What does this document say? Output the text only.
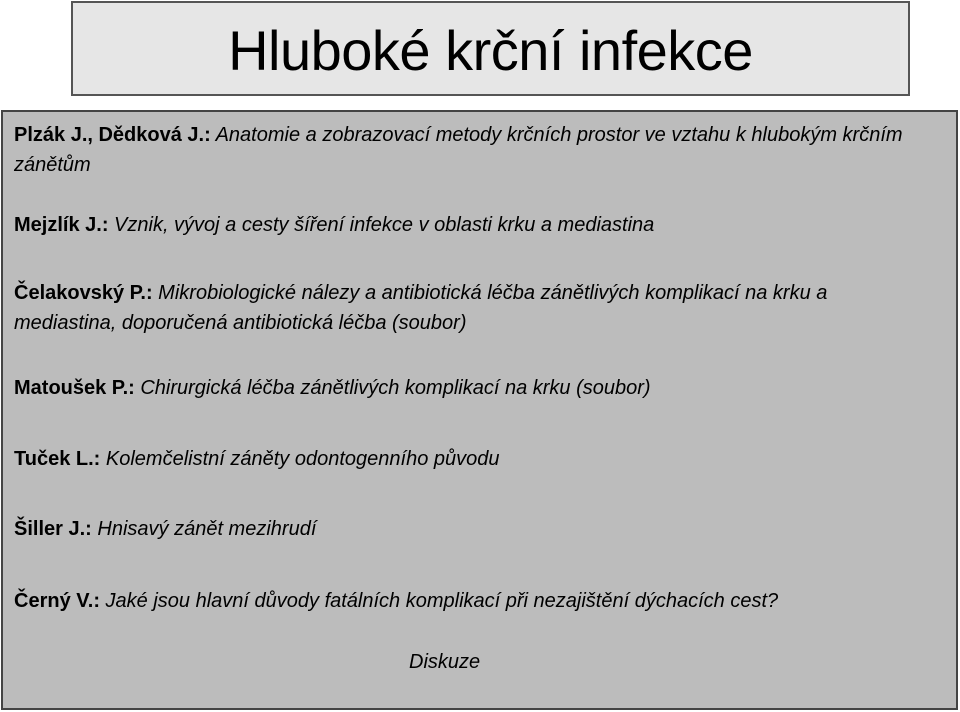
Hluboké krční infekce
Plzák J., Dědková J.: Anatomie a zobrazovací metody krčních prostor ve vztahu k hlubokým krčním zánětům
Mejzlík J.: Vznik, vývoj a cesty šíření infekce v oblasti krku a mediastina
Čelakovský P.: Mikrobiologické nálezy a antibiotická léčba zánětlivých komplikací na krku a mediastina, doporučená antibiotická léčba (soubor)
Matoušek P.: Chirurgická léčba zánětlivých komplikací na krku (soubor)
Tuček L.: Kolemčelistní záněty odontogenního původu
Šiller J.: Hnisavý zánět mezihrudí
Černý V.: Jaké jsou hlavní důvody fatálních komplikací při nezajištění dýchacích cest?
Diskuze
